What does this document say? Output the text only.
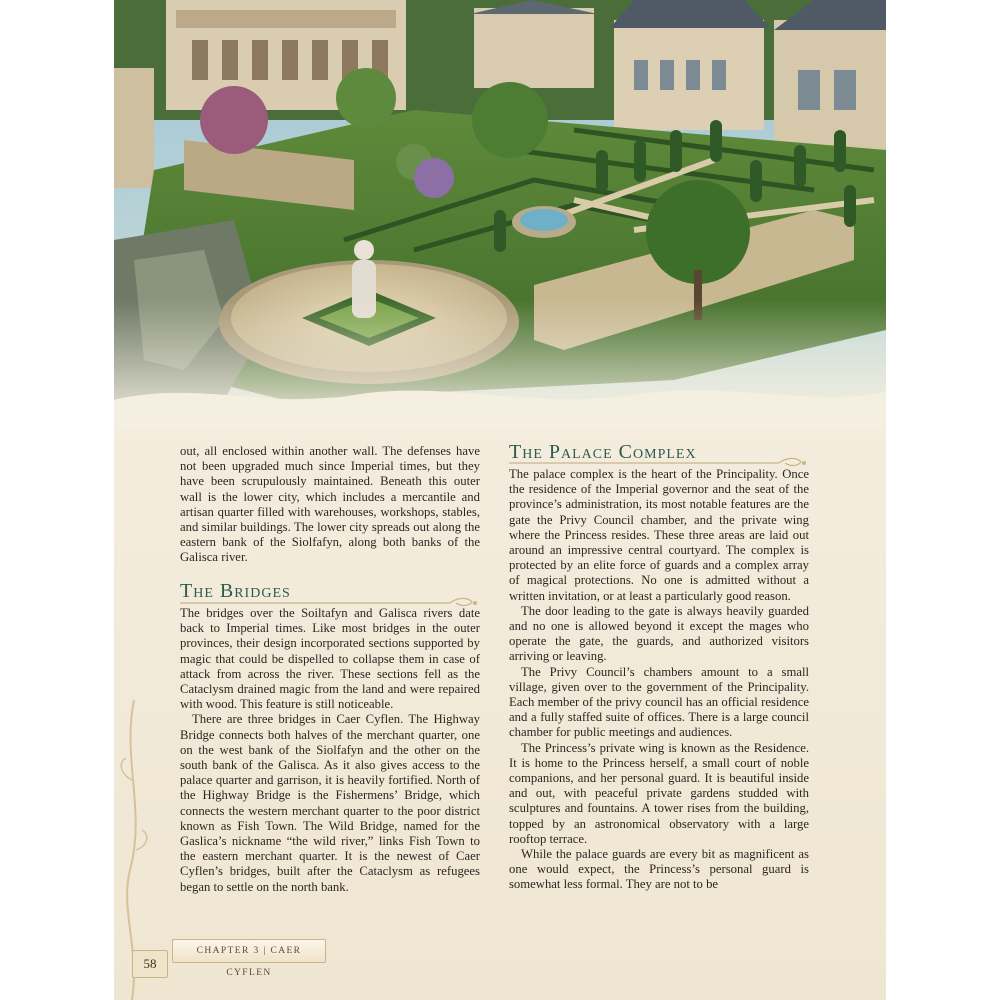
out, all enclosed within another wall. The defenses have not been upgraded much since Imperial times, but they have been scrupulously maintained. Beneath this outer wall is the lower city, which includes a mercantile and artisan quarter filled with warehouses, workshops, stables, and similar buildings. The lower city spreads out along the eastern bank of the Siolfafyn, along both banks of the Galisca river.

The Bridges

The bridges over the Soiltafyn and Galisca rivers date back to Imperial times. Like most bridges in the outer provinces, their design incorporated sections supported by magic that could be dispelled to collapse them in case of attack from across the river. These sections fell as the Cataclysm drained magic from the land and were repaired with wood. This feature is still noticeable.

There are three bridges in Caer Cyflen. The Highway Bridge connects both halves of the merchant quarter, one on the west bank of the Siolfafyn and the other on the south bank of the Galisca. As it also gives access to the palace quarter and garrison, it is heavily fortified. North of the Highway Bridge is the Fishermens’ Bridge, which connects the western merchant quarter to the poor district known as Fish Town. The Wild Bridge, named for the Gaslica’s nickname “the wild river,” links Fish Town to the eastern merchant quarter. It is the newest of Caer Cyflen’s bridges, built after the Cataclysm as refugees began to settle on the north bank.

The Palace Complex

The palace complex is the heart of the Principality. Once the residence of the Imperial governor and the seat of the province’s administration, its most notable features are the gate the Privy Council chamber, and the private wing where the Princess resides. These three areas are laid out around an impressive central courtyard. The complex is protected by an elite force of guards and a complex array of magical protections. No one is admitted without a written invitation, or at least a particularly good reason.

The door leading to the gate is always heavily guarded and no one is allowed beyond it except the mages who operate the gate, the guards, and authorized visitors arriving or leaving.

The Privy Council’s chambers amount to a small village, given over to the government of the Principality. Each member of the privy council has an official residence and a fully staffed suite of offices. There is a large council chamber for public meetings and audiences.

The Princess’s private wing is known as the Residence. It is home to the Princess herself, a small court of noble companions, and her personal guard. It is beautiful inside and out, with peaceful private gardens studded with sculptures and fountains. A tower rises from the building, topped by an astronomical observatory with a large rooftop terrace.

While the palace guards are every bit as magnificent as one would expect, the Princess’s personal guard is somewhat less formal. They are not to be

CHAPTER 3 | CAER CYFLEN
58
